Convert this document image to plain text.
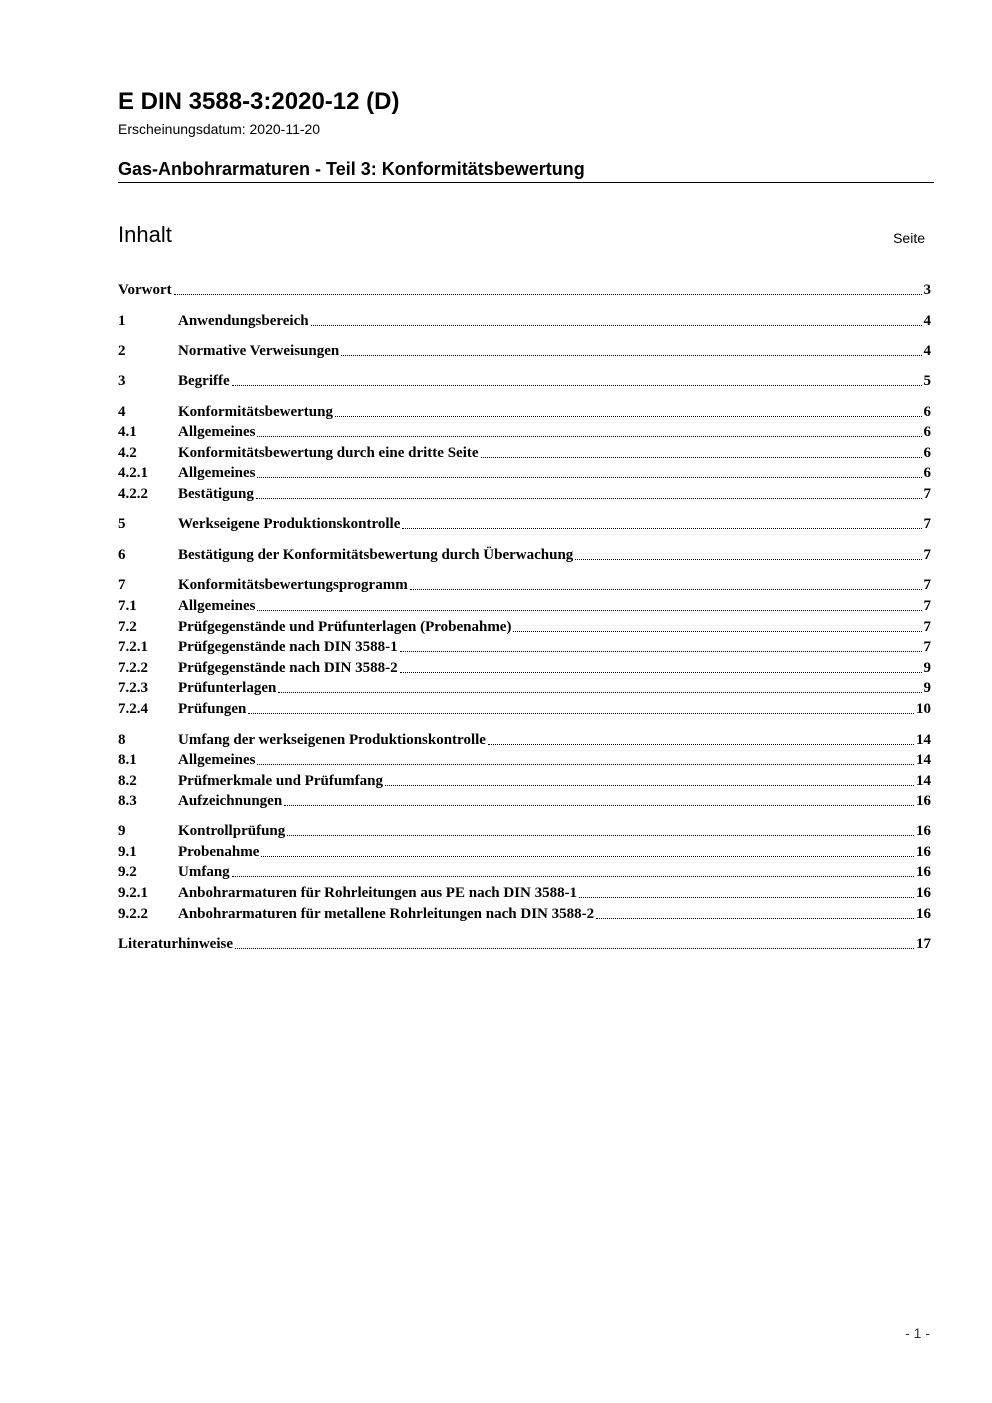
E DIN 3588-3:2020-12 (D)
Erscheinungsdatum: 2020-11-20
Gas-Anbohrarmaturen - Teil 3: Konformitätsbewertung
Inhalt	Seite
Vorwort	3
1	Anwendungsbereich	4
2	Normative Verweisungen	4
3	Begriffe	5
4	Konformitätsbewertung	6
4.1	Allgemeines	6
4.2	Konformitätsbewertung durch eine dritte Seite	6
4.2.1	Allgemeines	6
4.2.2	Bestätigung	7
5	Werkseigene Produktionskontrolle	7
6	Bestätigung der Konformitätsbewertung durch Überwachung	7
7	Konformitätsbewertungsprogramm	7
7.1	Allgemeines	7
7.2	Prüfgegenstände und Prüfunterlagen (Probenahme)	7
7.2.1	Prüfgegenstände nach DIN 3588-1	7
7.2.2	Prüfgegenstände nach DIN 3588-2	9
7.2.3	Prüfunterlagen	9
7.2.4	Prüfungen	10
8	Umfang der werkseigenen Produktionskontrolle	14
8.1	Allgemeines	14
8.2	Prüfmerkmale und Prüfumfang	14
8.3	Aufzeichnungen	16
9	Kontrollprüfung	16
9.1	Probenahme	16
9.2	Umfang	16
9.2.1	Anbohrarmaturen für Rohrleitungen aus PE nach DIN 3588-1	16
9.2.2	Anbohrarmaturen für metallene Rohrleitungen nach DIN 3588-2	16
Literaturhinweise	17
- 1 -
